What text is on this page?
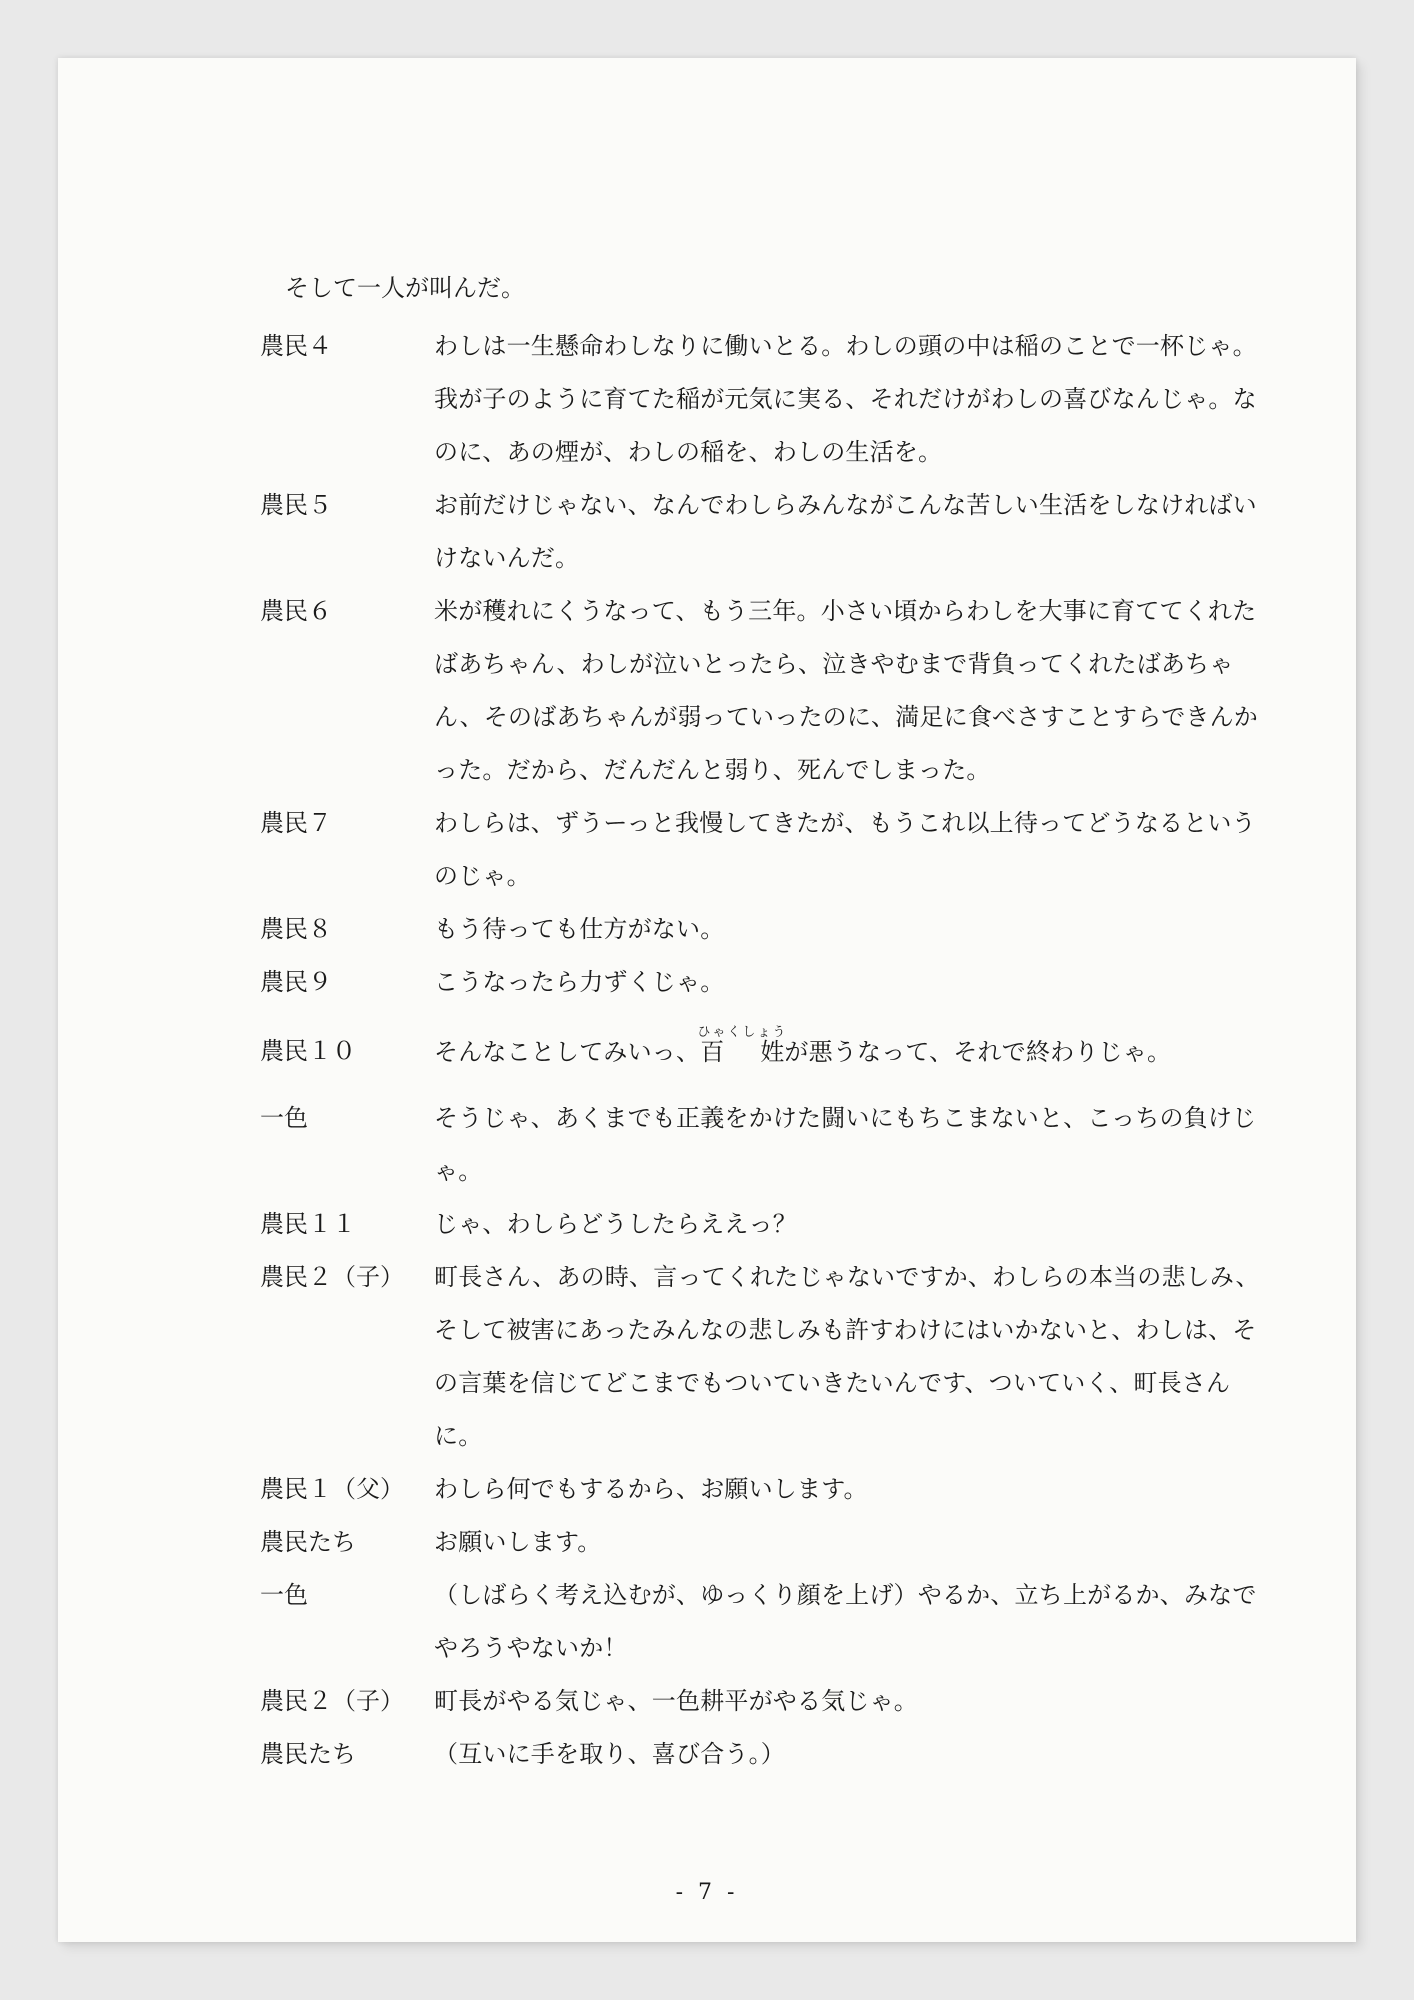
そして一人が叫んだ。
農民４	わしは一生懸命わしなりに働いとる。わしの頭の中は稲のことで一杯じゃ。我が子のように育てた稲が元気に実る、それだけがわしの喜びなんじゃ。なのに、あの煙が、わしの稲を、わしの生活を。
農民５	お前だけじゃない、なんでわしらみんながこんな苦しい生活をしなければいけないんだ。
農民６	米が穫れにくうなって、もう三年。小さい頃からわしを大事に育ててくれたばあちゃん、わしが泣いとったら、泣きやむまで背負ってくれたばあちゃん、そのばあちゃんが弱っていったのに、満足に食べさすことすらできんかった。だから、だんだんと弱り、死んでしまった。
農民７	わしらは、ずうーっと我慢してきたが、もうこれ以上待ってどうなるというのじゃ。
農民８	もう待っても仕方がない。
農民９	こうなったら力ずくじゃ。
農民１０	そんなことしてみいっ、百　姓ひゃくしょうが悪うなって、それで終わりじゃ。
一色	そうじゃ、あくまでも正義をかけた闘いにもちこまないと、こっちの負けじゃ。
農民１１	じゃ、わしらどうしたらええっ？
農民２（子）	町長さん、あの時、言ってくれたじゃないですか、わしらの本当の悲しみ、そして被害にあったみんなの悲しみも許すわけにはいかないと、わしは、その言葉を信じてどこまでもついていきたいんです、ついていく、町長さんに。
農民１（父）	わしら何でもするから、お願いします。
農民たち	お願いします。
一色	（しばらく考え込むが、ゆっくり顔を上げ）やるか、立ち上がるか、みなでやろうやないか！
農民２（子）	町長がやる気じゃ、一色耕平がやる気じゃ。
農民たち	（互いに手を取り、喜び合う。）
- 7 -
